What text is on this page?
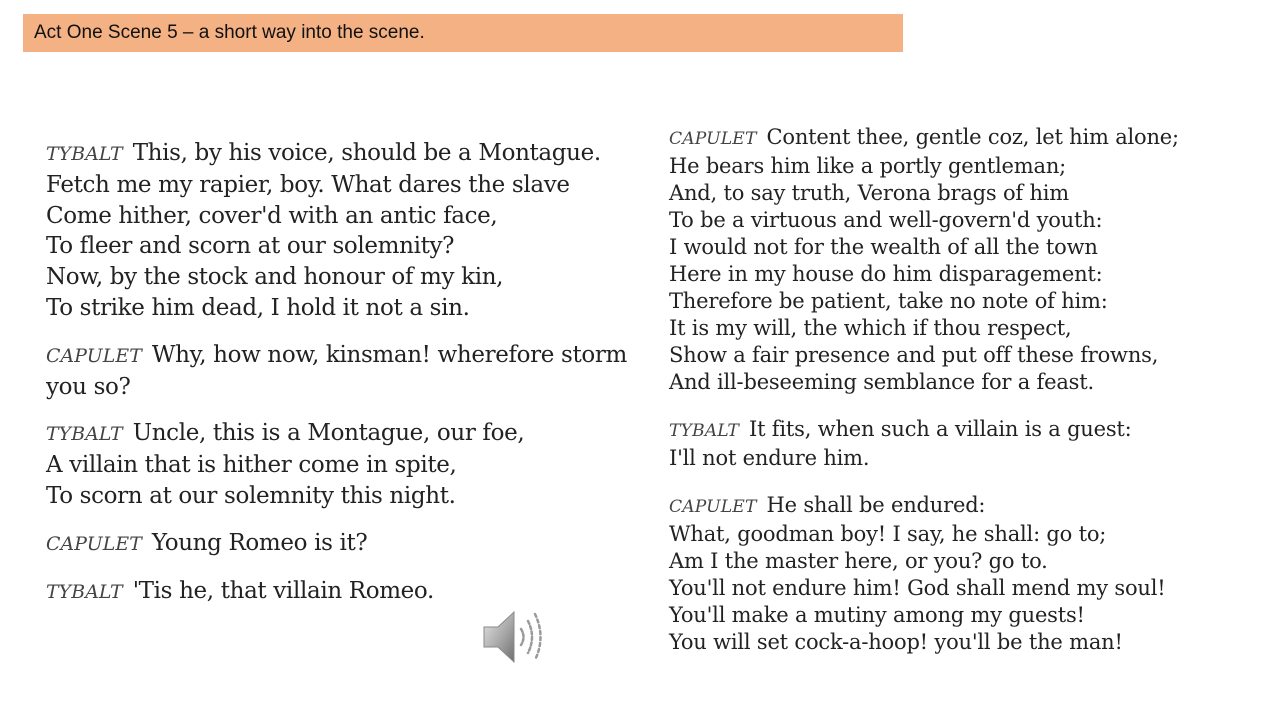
Act One Scene 5 – a short way into the scene.

TYBALT This, by his voice, should be a Montague.
Fetch me my rapier, boy. What dares the slave
Come hither, cover'd with an antic face,
To fleer and scorn at our solemnity?
Now, by the stock and honour of my kin,
To strike him dead, I hold it not a sin.

CAPULET Why, how now, kinsman! wherefore storm
you so?

TYBALT Uncle, this is a Montague, our foe,
A villain that is hither come in spite,
To scorn at our solemnity this night.

CAPULET Young Romeo is it?

TYBALT 'Tis he, that villain Romeo.

CAPULET Content thee, gentle coz, let him alone;
He bears him like a portly gentleman;
And, to say truth, Verona brags of him
To be a virtuous and well-govern'd youth:
I would not for the wealth of all the town
Here in my house do him disparagement:
Therefore be patient, take no note of him:
It is my will, the which if thou respect,
Show a fair presence and put off these frowns,
And ill-beseeming semblance for a feast.

TYBALT It fits, when such a villain is a guest:
I'll not endure him.

CAPULET He shall be endured:
What, goodman boy! I say, he shall: go to;
Am I the master here, or you? go to.
You'll not endure him! God shall mend my soul!
You'll make a mutiny among my guests!
You will set cock-a-hoop! you'll be the man!
